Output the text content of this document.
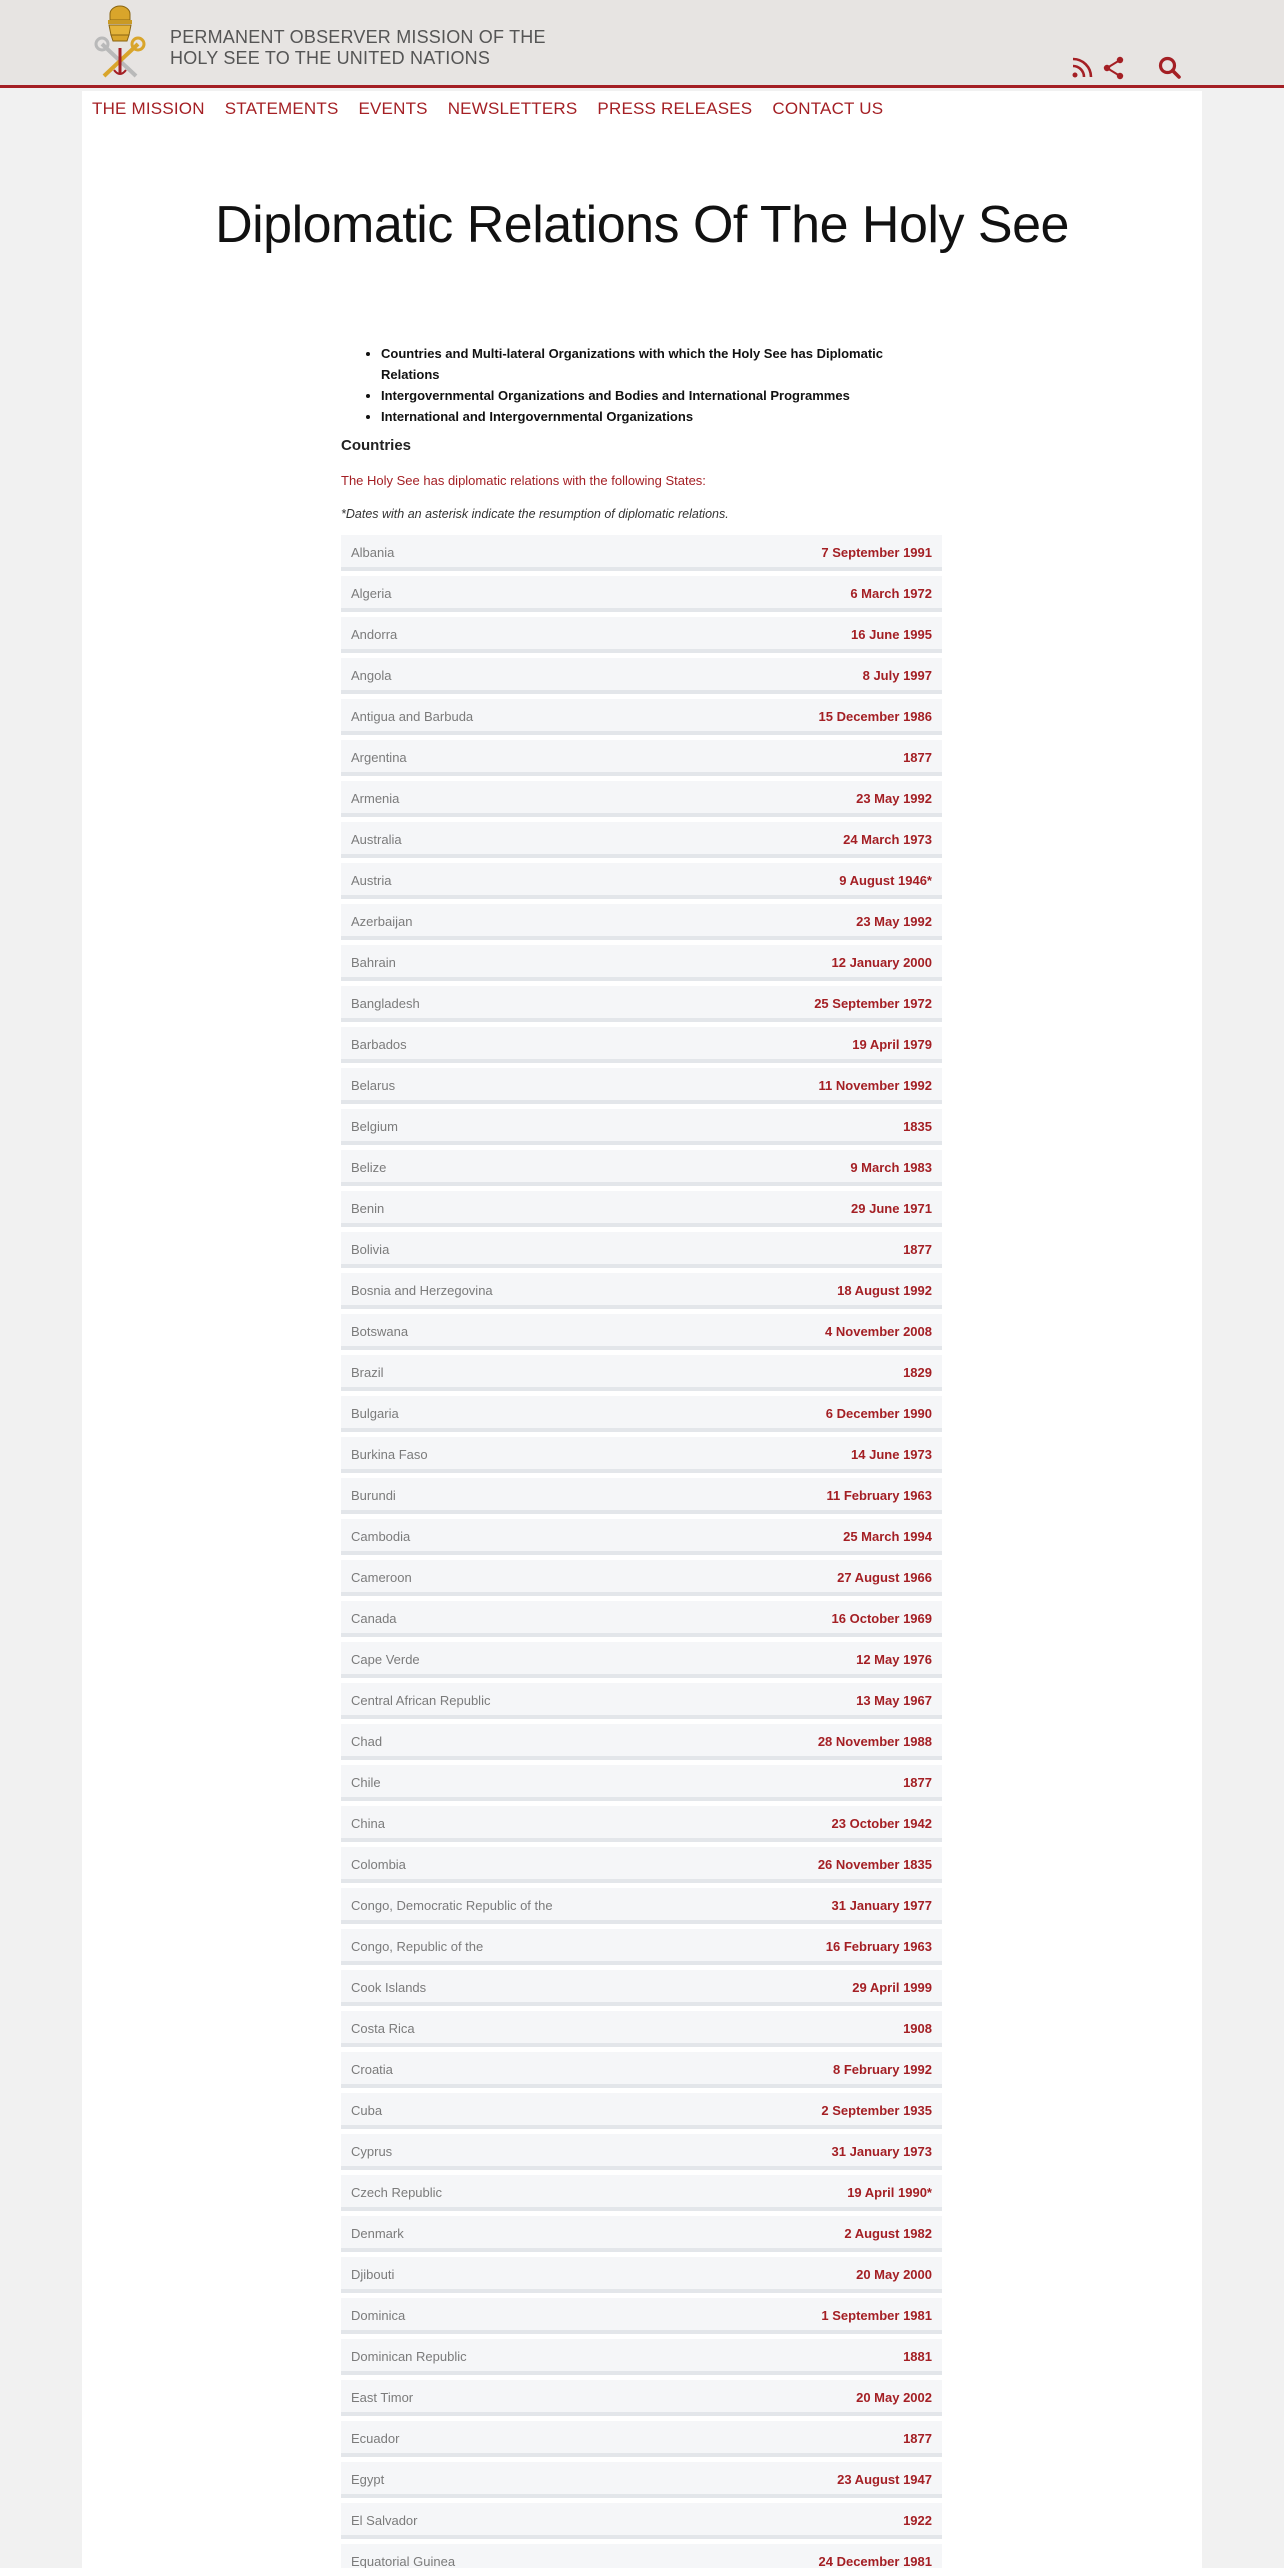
PERMANENT OBSERVER MISSION OF THE
HOLY SEE TO THE UNITED NATIONS
THE MISSION STATEMENTS EVENTS NEWSLETTERS PRESS RELEASES CONTACT US
Diplomatic Relations Of The Holy See
• Countries and Multi-lateral Organizations with which the Holy See has Diplomatic Relations
• Intergovernmental Organizations and Bodies and International Programmes
• International and Intergovernmental Organizations
Countries

The Holy See has diplomatic relations with the following States:

*Dates with an asterisk indicate the resumption of diplomatic relations.

Albania	7 September 1991
Algeria	6 March 1972
Andorra	16 June 1995
Angola	8 July 1997
Antigua and Barbuda	15 December 1986
Argentina	1877
Armenia	23 May 1992
Australia	24 March 1973
Austria	9 August 1946*
Azerbaijan	23 May 1992
Bahrain	12 January 2000
Bangladesh	25 September 1972
Barbados	19 April 1979
Belarus	11 November 1992
Belgium	1835
Belize	9 March 1983
Benin	29 June 1971
Bolivia	1877
Bosnia and Herzegovina	18 August 1992
Botswana	4 November 2008
Brazil	1829
Bulgaria	6 December 1990
Burkina Faso	14 June 1973
Burundi	11 February 1963
Cambodia	25 March 1994
Cameroon	27 August 1966
Canada	16 October 1969
Cape Verde	12 May 1976
Central African Republic	13 May 1967
Chad	28 November 1988
Chile	1877
China	23 October 1942
Colombia	26 November 1835
Congo, Democratic Republic of the	31 January 1977
Congo, Republic of the	16 February 1963
Cook Islands	29 April 1999
Costa Rica	1908
Croatia	8 February 1992
Cuba	2 September 1935
Cyprus	31 January 1973
Czech Republic	19 April 1990*
Denmark	2 August 1982
Djibouti	20 May 2000
Dominica	1 September 1981
Dominican Republic	1881
East Timor	20 May 2002
Ecuador	1877
Egypt	23 August 1947
El Salvador	1922
Equatorial Guinea	24 December 1981
